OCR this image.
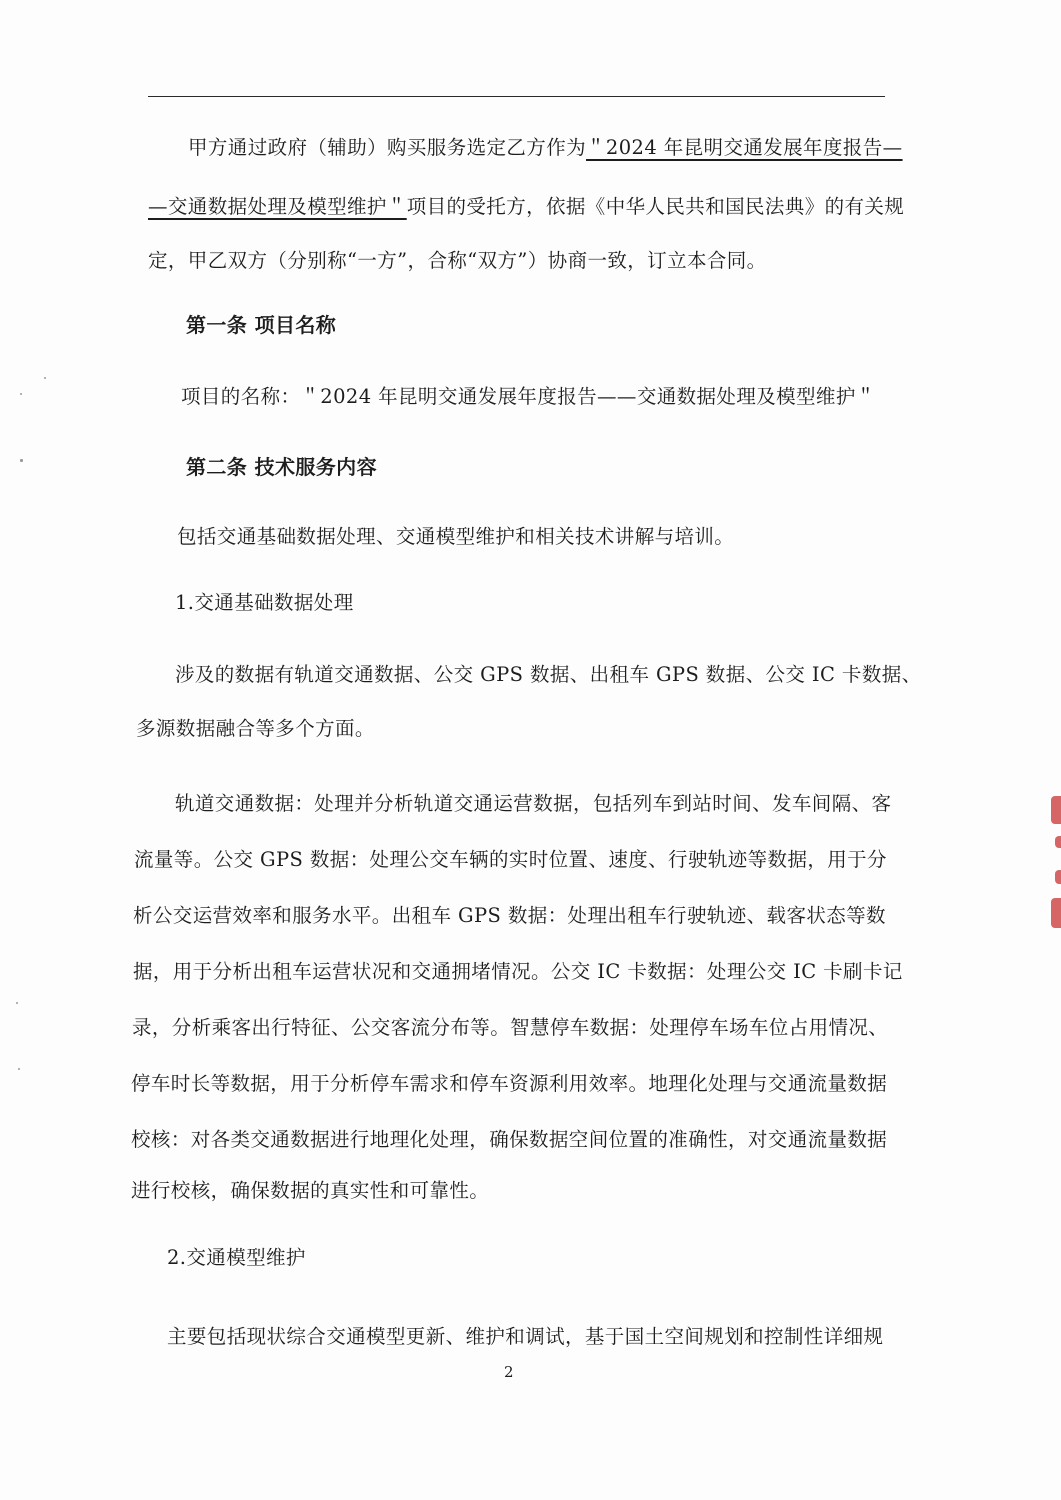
甲方通过政府（辅助）购买服务选定乙方作为＂2024 年昆明交通发展年度报告—
—交通数据处理及模型维护＂项目的受托方，依据《中华人民共和国民法典》的有关规
定，甲乙双方（分别称“一方”，合称“双方”）协商一致，订立本合同。
第一条 项目名称
项目的名称：＂2024 年昆明交通发展年度报告——交通数据处理及模型维护＂
第二条 技术服务内容
包括交通基础数据处理、交通模型维护和相关技术讲解与培训。
1.交通基础数据处理
涉及的数据有轨道交通数据、公交 GPS 数据、出租车 GPS 数据、公交 IC 卡数据、
多源数据融合等多个方面。
轨道交通数据：处理并分析轨道交通运营数据，包括列车到站时间、发车间隔、客
流量等。公交 GPS 数据：处理公交车辆的实时位置、速度、行驶轨迹等数据，用于分
析公交运营效率和服务水平。出租车 GPS 数据：处理出租车行驶轨迹、载客状态等数
据，用于分析出租车运营状况和交通拥堵情况。公交 IC 卡数据：处理公交 IC 卡刷卡记
录，分析乘客出行特征、公交客流分布等。智慧停车数据：处理停车场车位占用情况、
停车时长等数据，用于分析停车需求和停车资源利用效率。地理化处理与交通流量数据
校核：对各类交通数据进行地理化处理，确保数据空间位置的准确性，对交通流量数据
进行校核，确保数据的真实性和可靠性。
2.交通模型维护
主要包括现状综合交通模型更新、维护和调试，基于国土空间规划和控制性详细规
2
